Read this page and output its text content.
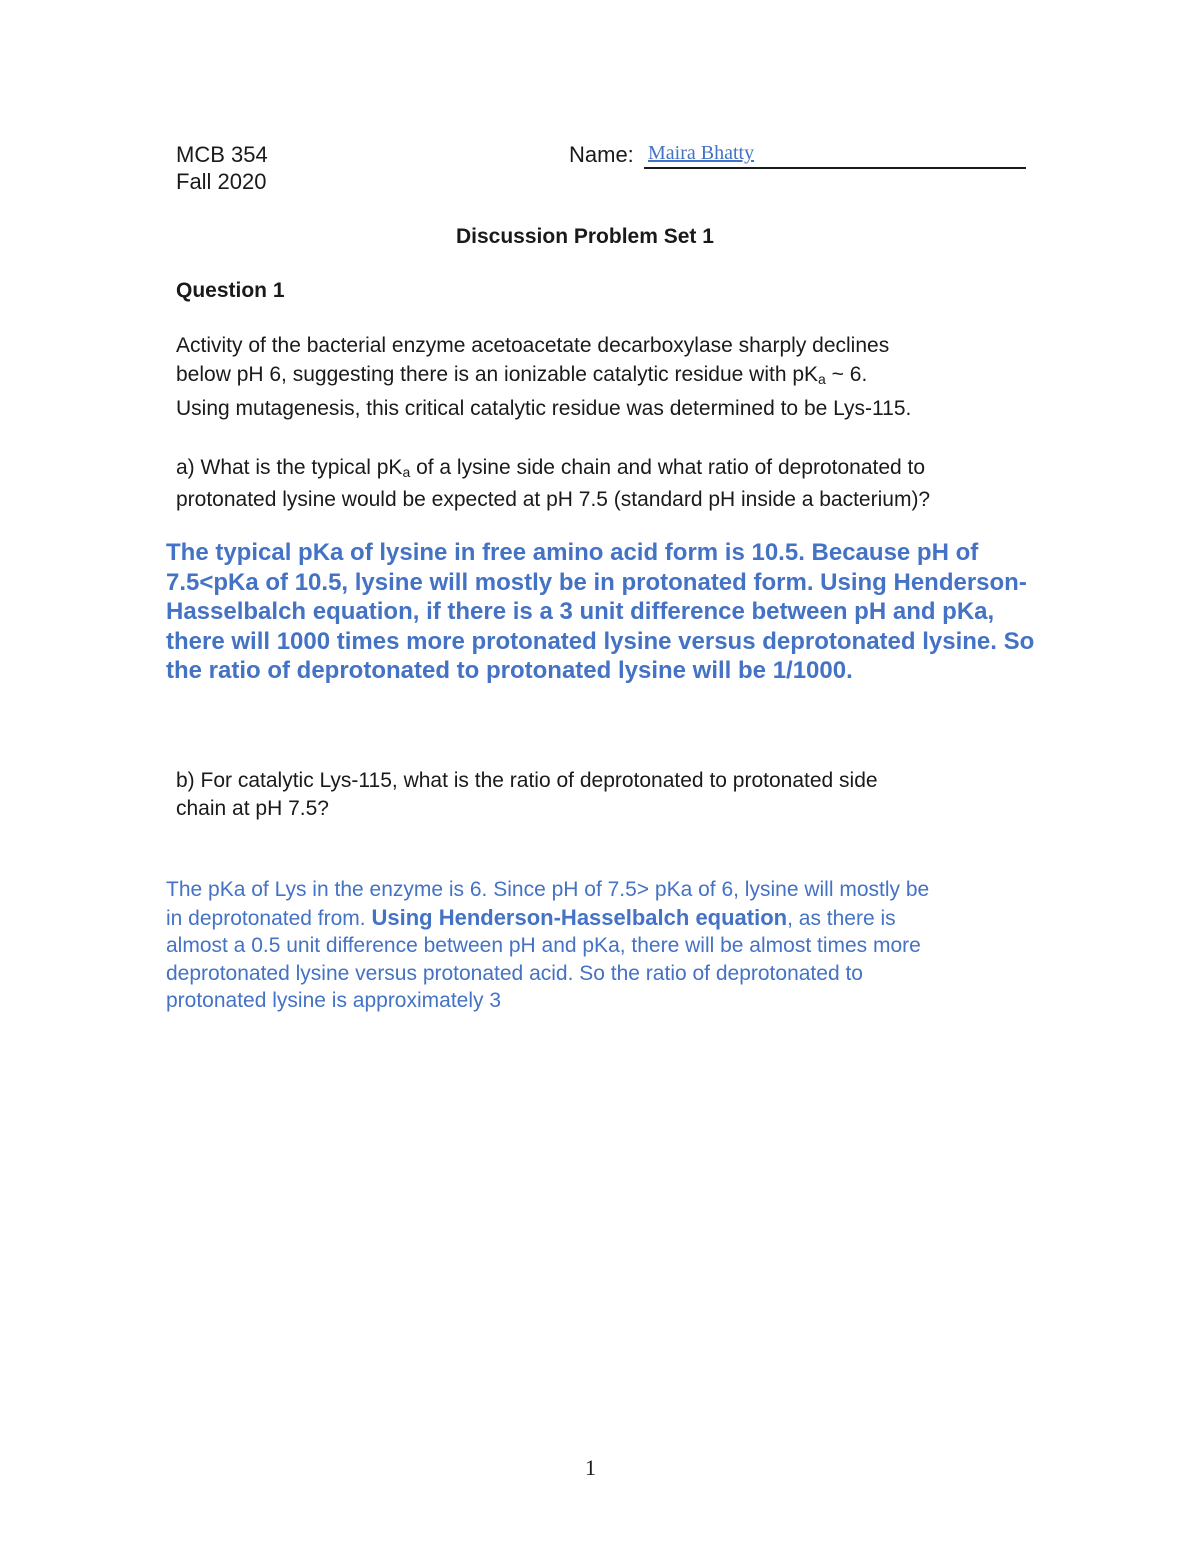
MCB 354
Fall 2020
Name: Maira Bhatty
Discussion Problem Set 1
Question 1
Activity of the bacterial enzyme acetoacetate decarboxylase sharply declines
below pH 6, suggesting there is an ionizable catalytic residue with $pK_a$ ~ 6.
Using mutagenesis, this critical catalytic residue was determined to be Lys-115.
a) What is the typical $pK_a$ of a lysine side chain and what ratio of deprotonated to
protonated lysine would be expected at pH 7.5 (standard pH inside a bacterium)?
The typical pKa of lysine in free amino acid form is 10.5. Because pH of
7.5<pKa of 10.5, lysine will mostly be in protonated form. Using Henderson-
Hasselbalch equation, if there is a 3 unit difference between pH and pKa,
there will 1000 times more protonated lysine versus deprotonated lysine. So
the ratio of deprotonated to protonated lysine will be 1/1000.
b) For catalytic Lys-115, what is the ratio of deprotonated to protonated side
chain at pH 7.5?
The pKa of Lys in the enzyme is 6. Since pH of 7.5> pKa of 6, lysine will mostly be
in deprotonated from. Using Henderson-Hasselbalch equation, as there is
almost a 0.5 unit difference between pH and pKa, there will be almost times more
deprotonated lysine versus protonated acid. So the ratio of deprotonated to
protonated lysine is approximately 3
1
